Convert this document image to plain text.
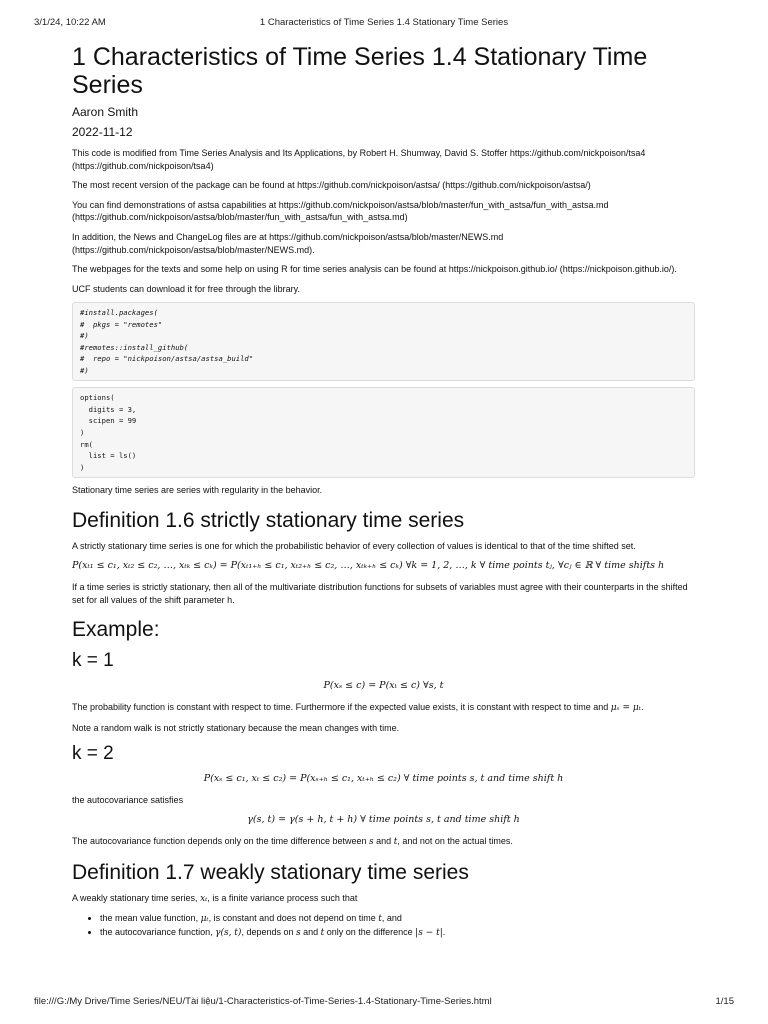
3/1/24, 10:22 AM	1 Characteristics of Time Series 1.4 Stationary Time Series
1 Characteristics of Time Series 1.4 Stationary Time Series
Aaron Smith
2022-11-12

This code is modified from Time Series Analysis and Its Applications, by Robert H. Shumway, David S. Stoffer https://github.com/nickpoison/tsa4 (https://github.com/nickpoison/tsa4)

The most recent version of the package can be found at https://github.com/nickpoison/astsa/ (https://github.com/nickpoison/astsa/)

You can find demonstrations of astsa capabilities at https://github.com/nickpoison/astsa/blob/master/fun_with_astsa/fun_with_astsa.md (https://github.com/nickpoison/astsa/blob/master/fun_with_astsa/fun_with_astsa.md)

In addition, the News and ChangeLog files are at https://github.com/nickpoison/astsa/blob/master/NEWS.md (https://github.com/nickpoison/astsa/blob/master/NEWS.md).

The webpages for the texts and some help on using R for time series analysis can be found at https://nickpoison.github.io/ (https://nickpoison.github.io/).

UCF students can download it for free through the library.

#install.packages(
#  pkgs = "remotes"
#)
#remotes::install_github(
#  repo = "nickpoison/astsa/astsa_build"
#)
options(
digits = 3,
scipen = 99
)
rm(
list = ls()
)

Stationary time series are series with regularity in the behavior.

Definition 1.6 strictly stationary time series

A strictly stationary time series is one for which the probabilistic behavior of every collection of values is identical to that of the time shifted set.

P(xₜ₁ ≤ c₁, xₜ₂ ≤ c₂, …, xₜₖ ≤ cₖ) = P(xₜ₁₊ₕ ≤ c₁, xₜ₂₊ₕ ≤ c₂, …, xₜₖ₊ₕ ≤ cₖ) ∀k = 1, 2, …, k ∀ time points tⱼ, ∀cⱼ ∈ ℝ ∀ time shifts h

If a time series is strictly stationary, then all of the multivariate distribution functions for subsets of variables must agree with their counterparts in the shifted set for all values of the shift parameter h.

Example:
k = 1
P(xₛ ≤ c) = P(xₜ ≤ c) ∀s, t

The probability function is constant with respect to time. Furthermore if the expected value exists, it is constant with respect to time and μₛ = μₜ.

Note a random walk is not strictly stationary because the mean changes with time.

k = 2
P(xₛ ≤ c₁, xₜ ≤ c₂) = P(xₛ₊ₕ ≤ c₁, xₜ₊ₕ ≤ c₂) ∀ time points s, t and time shift h

the autocovariance satisfies

γ(s, t) = γ(s + h, t + h) ∀ time points s, t and time shift h

The autocovariance function depends only on the time difference between s and t, and not on the actual times.

Definition 1.7 weakly stationary time series

A weakly stationary time series, xₜ, is a finite variance process such that

• the mean value function, μₜ, is constant and does not depend on time t, and
• the autocovariance function, γ(s, t), depends on s and t only on the difference |s − t|.
file:///G:/My Drive/Time Series/NEU/Tài liệu/1-Characteristics-of-Time-Series-1.4-Stationary-Time-Series.html	1/15
